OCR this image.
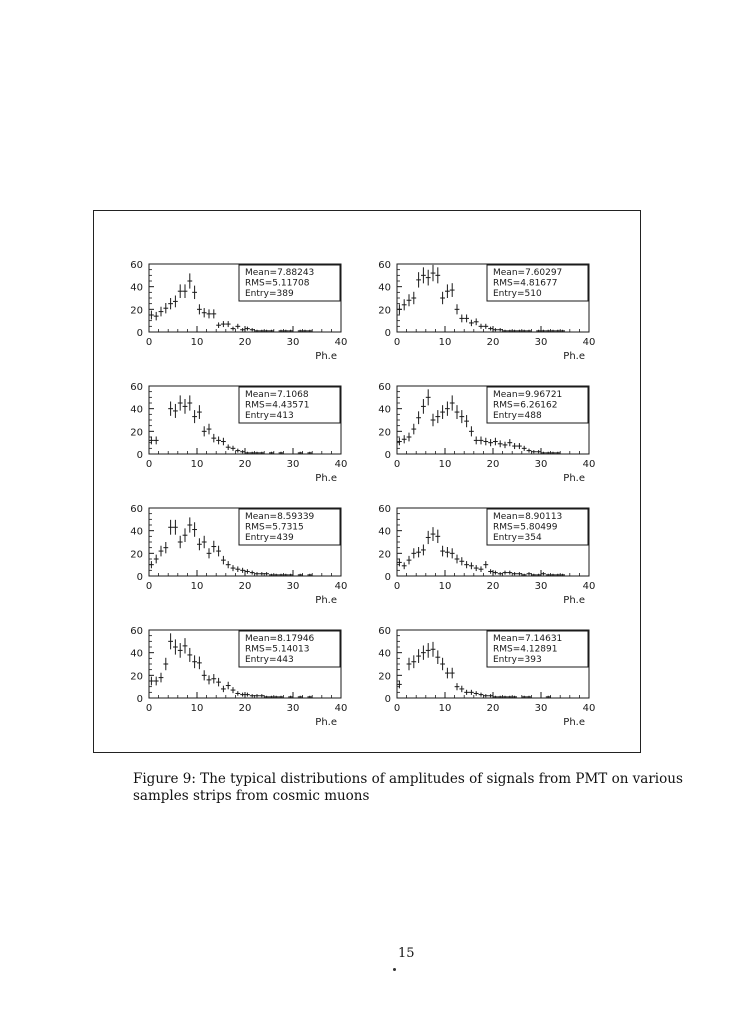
0
20
40
60
0	10	20	30	40
Ph.e
Mean=7.88243
RMS=5.11708
Entry=389
0
20
40
60
0	10	20	30	40
Ph.e
Mean=7.60297
RMS=4.81677
Entry=510
0
20
40
60
0	10	20	30	40
Ph.e
Mean=7.1068
RMS=4.43571
Entry=413
0
20
40
60
0	10	20	30	40
Ph.e
Mean=9.96721
RMS=6.26162
Entry=488
0
20
40
60
0	10	20	30	40
Ph.e
Mean=8.59339
RMS=5.7315
Entry=439
0
20
40
60
0	10	20	30	40
Ph.e
Mean=8.90113
RMS=5.80499
Entry=354
0
20
40
60
0	10	20	30	40
Ph.e
Mean=8.17946
RMS=5.14013
Entry=443
0
20
40
60
0	10	20	30	40
Ph.e
Mean=7.14631
RMS=4.12891
Entry=393

Figure 9: The typical distributions of amplitudes of signals from PMT on various samples strips from cosmic muons

15
